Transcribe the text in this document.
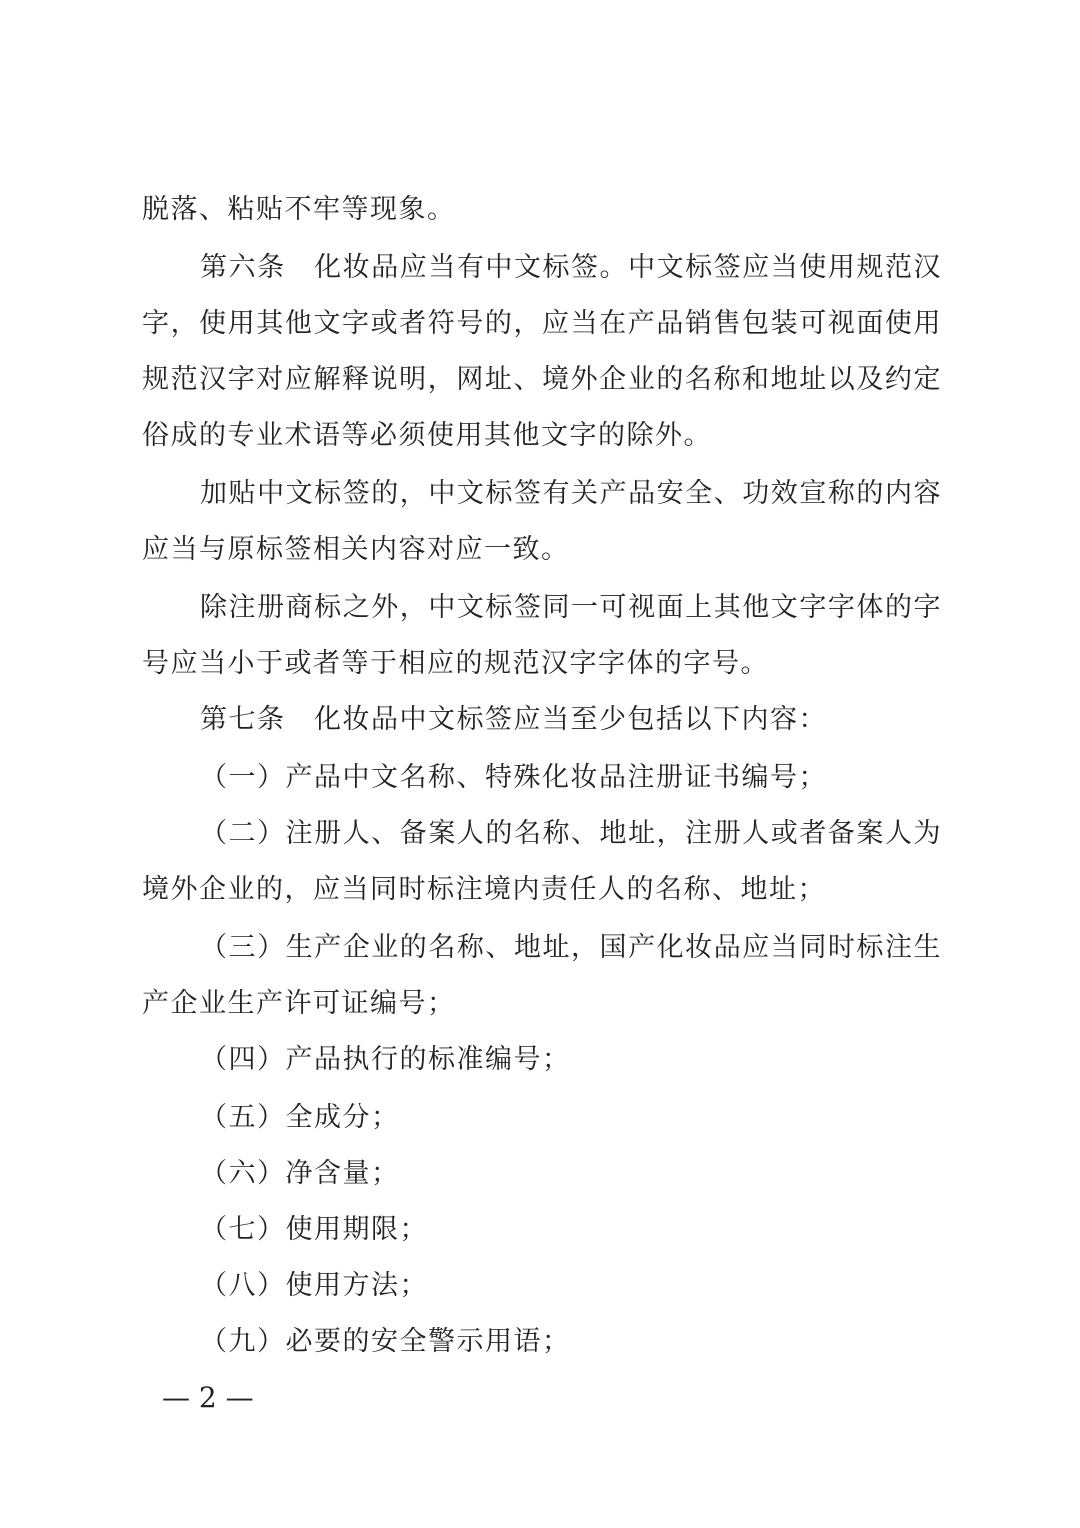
脱落、粘贴不牢等现象。
第六条　化妆品应当有中文标签。中文标签应当使用规范汉
字，使用其他文字或者符号的，应当在产品销售包装可视面使用
规范汉字对应解释说明，网址、境外企业的名称和地址以及约定
俗成的专业术语等必须使用其他文字的除外。
加贴中文标签的，中文标签有关产品安全、功效宣称的内容
应当与原标签相关内容对应一致。
除注册商标之外，中文标签同一可视面上其他文字字体的字
号应当小于或者等于相应的规范汉字字体的字号。
第七条　化妆品中文标签应当至少包括以下内容：
（一）产品中文名称、特殊化妆品注册证书编号；
（二）注册人、备案人的名称、地址，注册人或者备案人为
境外企业的，应当同时标注境内责任人的名称、地址；
（三）生产企业的名称、地址，国产化妆品应当同时标注生
产企业生产许可证编号；
（四）产品执行的标准编号；
（五）全成分；
（六）净含量；
（七）使用期限；
（八）使用方法；
（九）必要的安全警示用语；
— 2 —
